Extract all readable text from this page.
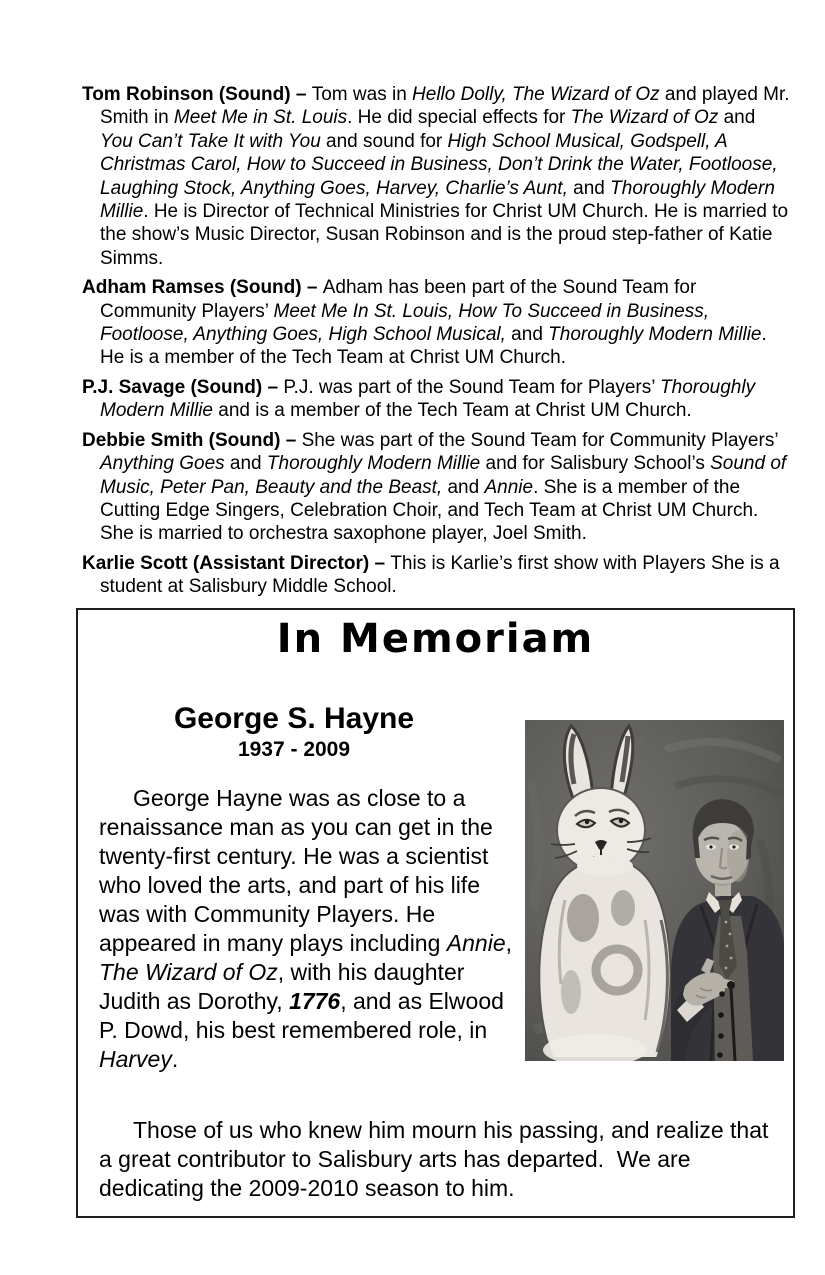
Tom Robinson (Sound) – Tom was in Hello Dolly, The Wizard of Oz and played Mr. Smith in Meet Me in St. Louis. He did special effects for The Wizard of Oz and You Can’t Take It with You and sound for High School Musical, Godspell, A Christmas Carol, How to Succeed in Business, Don’t Drink the Water, Footloose, Laughing Stock, Anything Goes, Harvey, Charlie’s Aunt, and Thoroughly Modern Millie. He is Director of Technical Ministries for Christ UM Church. He is married to the show’s Music Director, Susan Robinson and is the proud step-father of Katie Simms.

Adham Ramses (Sound) – Adham has been part of the Sound Team for Community Players’ Meet Me In St. Louis, How To Succeed in Business, Footloose, Anything Goes, High School Musical, and Thoroughly Modern Millie. He is a member of the Tech Team at Christ UM Church.

P.J. Savage (Sound) – P.J. was part of the Sound Team for Players’ Thoroughly Modern Millie and is a member of the Tech Team at Christ UM Church.

Debbie Smith (Sound) – She was part of the Sound Team for Community Players’ Anything Goes and Thoroughly Modern Millie and for Salisbury School’s Sound of Music, Peter Pan, Beauty and the Beast, and Annie. She is a member of the Cutting Edge Singers, Celebration Choir, and Tech Team at Christ UM Church. She is married to orchestra saxophone player, Joel Smith.

Karlie Scott (Assistant Director) – This is Karlie’s first show with Players She is a student at Salisbury Middle School.

In Memoriam
George S. Hayne
1937 - 2009

George Hayne was as close to a renaissance man as you can get in the twenty-first century. He was a scientist who loved the arts, and part of his life was with Community Players. He appeared in many plays including Annie, The Wizard of Oz, with his daughter Judith as Dorothy, 1776, and as Elwood P. Dowd, his best remembered role, in Harvey.

Those of us who knew him mourn his passing, and realize that a great contributor to Salisbury arts has departed.  We are dedicating the 2009-2010 season to him.
